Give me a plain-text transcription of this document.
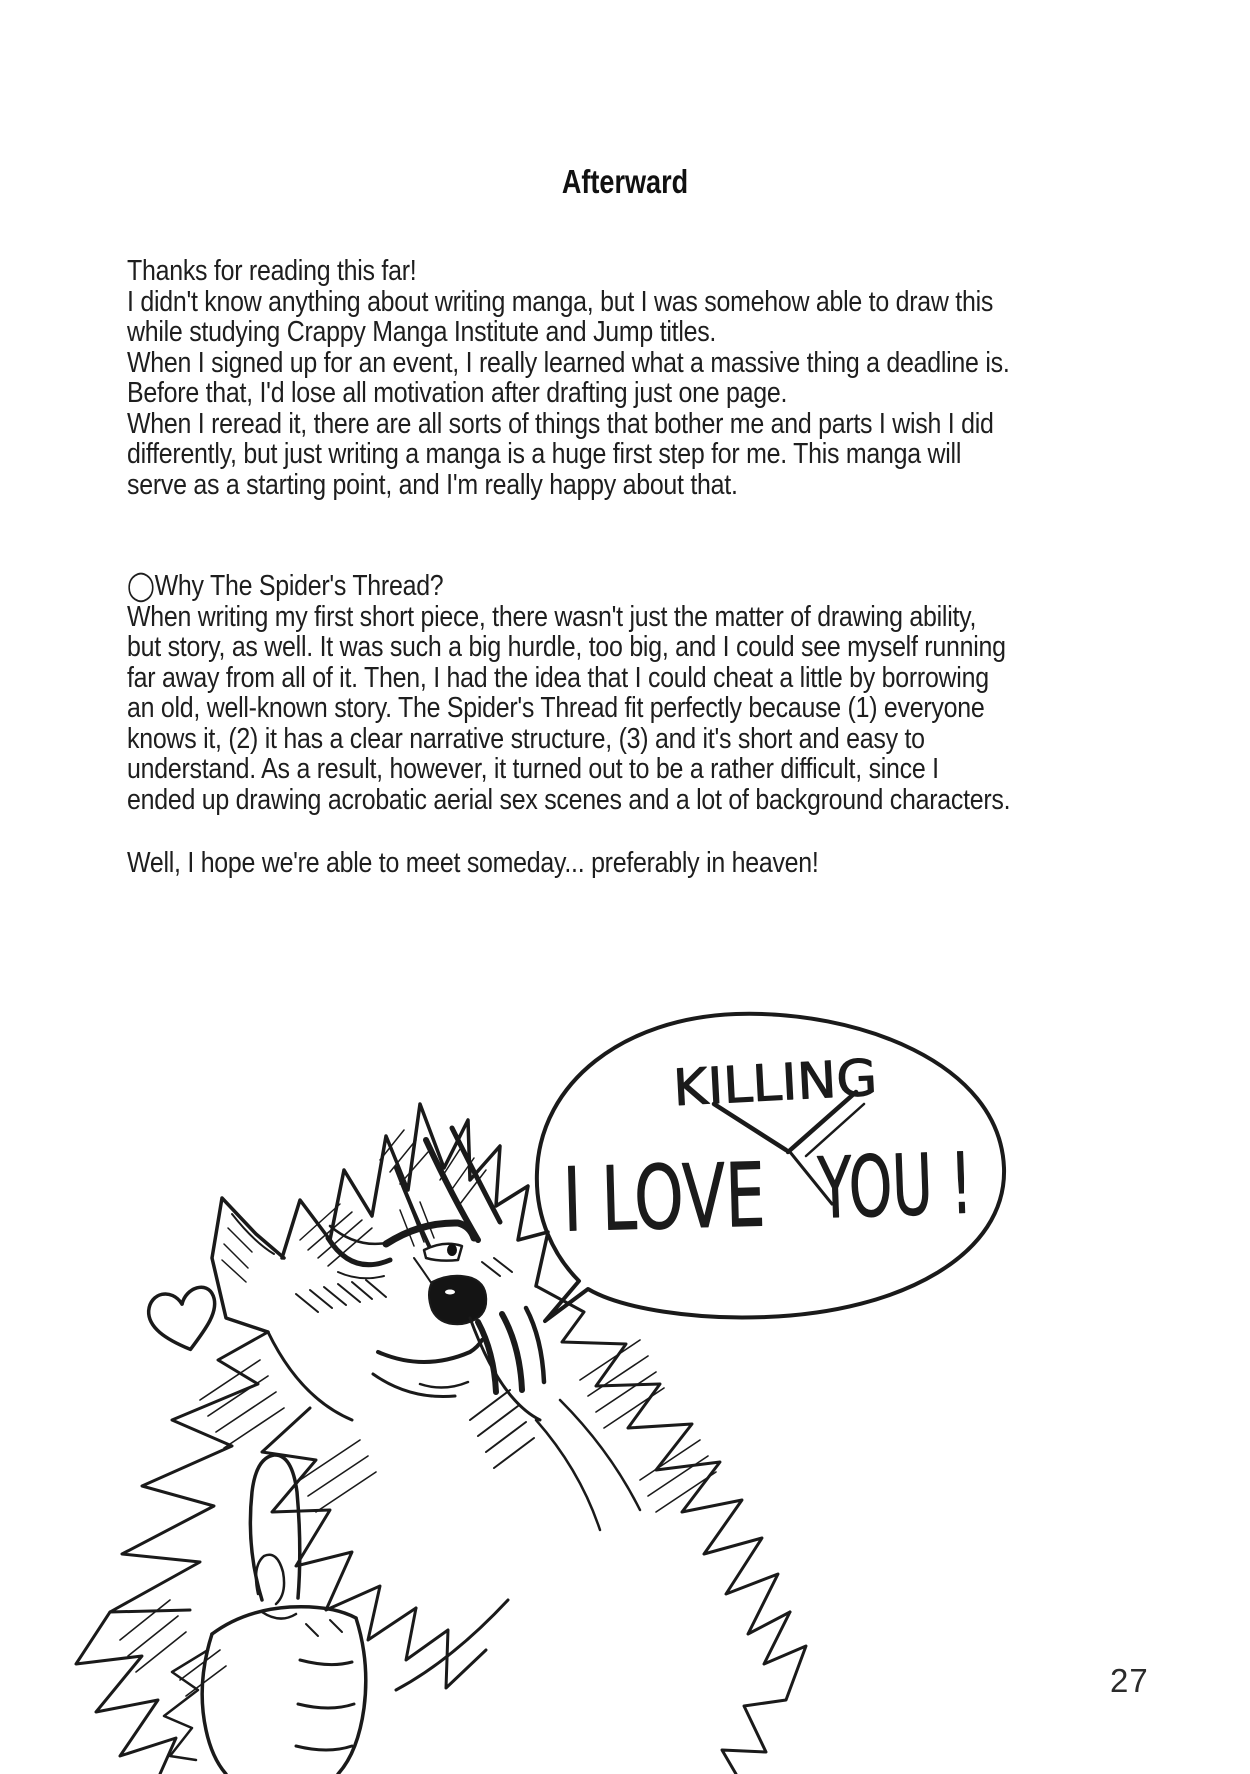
Afterward
Thanks for reading this far!
I didn't know anything about writing manga, but I was somehow able to draw this
while studying Crappy Manga Institute and Jump titles.
When I signed up for an event, I really learned what a massive thing a deadline is.
Before that, I'd lose all motivation after drafting just one page.
When I reread it, there are all sorts of things that bother me and parts I wish I did
differently, but just writing a manga is a huge first step for me. This manga will
serve as a starting point, and I'm really happy about that.
◯Why The Spider's Thread?
When writing my first short piece, there wasn't just the matter of drawing ability,
but story, as well. It was such a big hurdle, too big, and I could see myself running
far away from all of it. Then, I had the idea that I could cheat a little by borrowing
an old, well-known story. The Spider's Thread fit perfectly because (1) everyone
knows it, (2) it has a clear narrative structure, (3) and it's short and easy to
understand. As a result, however, it turned out to be a rather difficult, since I
ended up drawing acrobatic aerial sex scenes and a lot of background characters.
Well, I hope we're able to meet someday... preferably in heaven!
KILLING
I LOVE
YOU !
27
